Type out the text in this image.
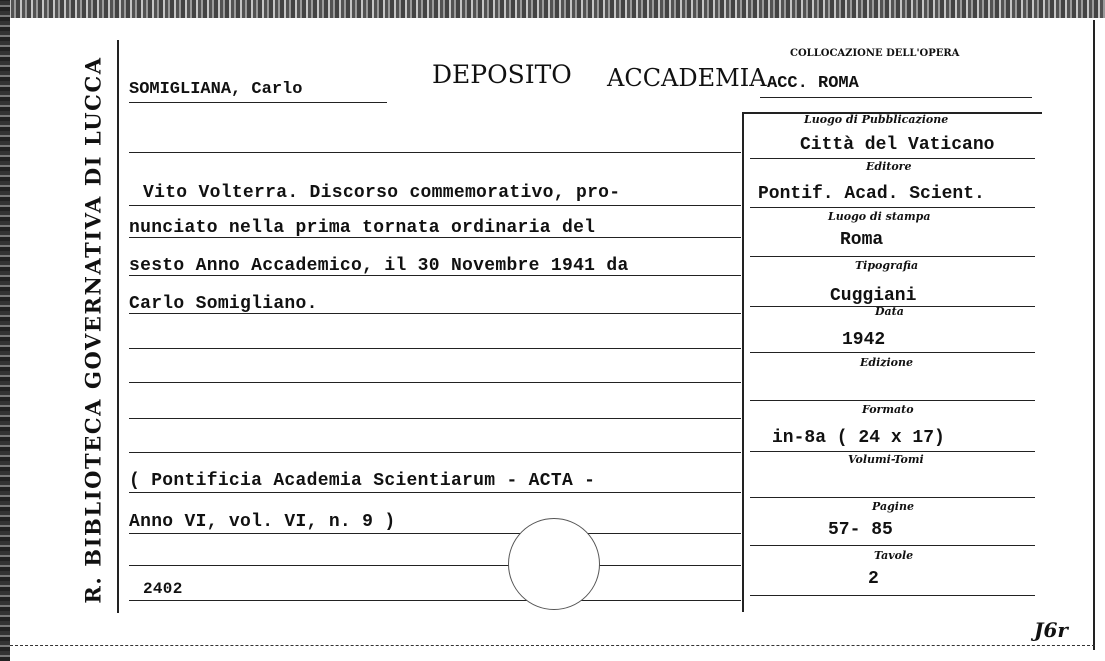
R. BIBLIOTECA GOVERNATIVA DI LUCCA SOMIGLIANA, Carlo
DEPOSITO ACCADEMIA
COLLOCAZIONE DELL'OPERA
ACC. ROMA
Vito Volterra. Discorso commemorativo, pro-
nunciato nella prima tornata ordinaria del
sesto Anno Accademico, il 30 Novembre 1941 da
Carlo Somigliano.
( Pontificia Academia Scientiarum - ACTA -
Anno VI, vol. VI, n. 9 )
2402
Luogo di Pubblicazione
Città del Vaticano
Editore
Pontif. Acad. Scient.
Luogo di stampa
Roma
Tipografia
Cuggiani
Data
1942
Edizione
Formato
in-8a ( 24 x 17)
Volumi-Tomi
Pagine
57- 85
Tavole
2
J6r
